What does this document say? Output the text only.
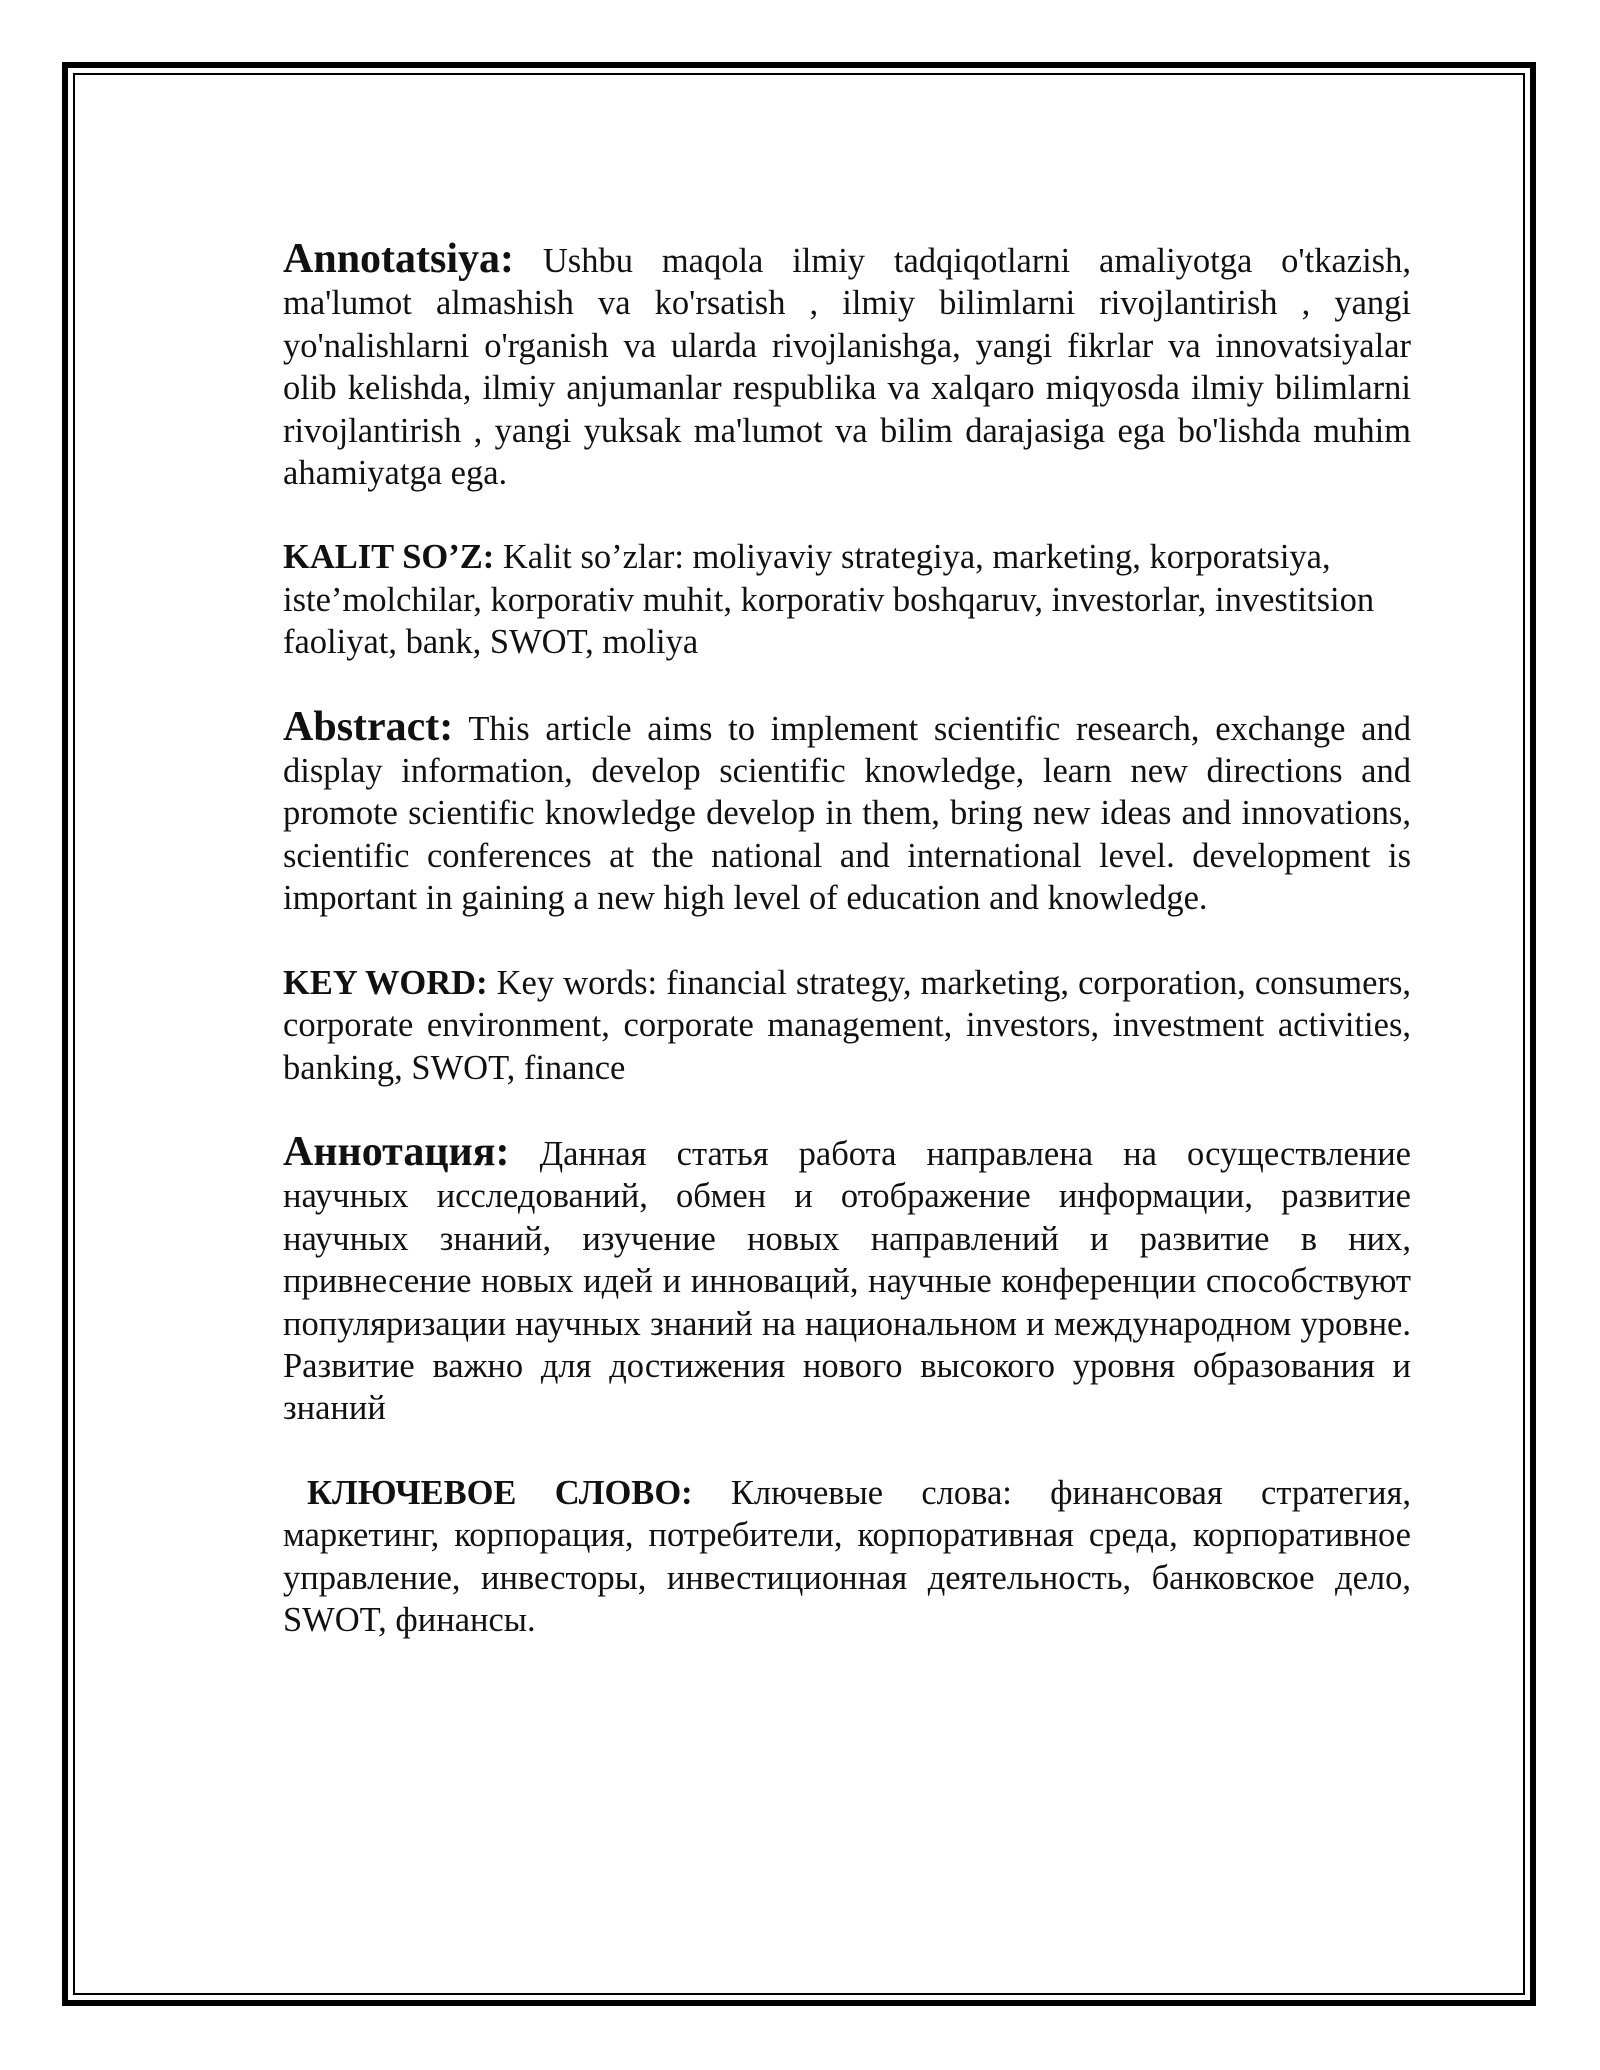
Annotatsiya: Ushbu maqola ilmiy tadqiqotlarni amaliyotga o'tkazish, ma'lumot almashish va ko'rsatish , ilmiy bilimlarni rivojlantirish , yangi yo'nalishlarni o'rganish va ularda rivojlanishga, yangi fikrlar va innovatsiyalar olib kelishda, ilmiy anjumanlar respublika va xalqaro miqyosda ilmiy bilimlarni rivojlantirish , yangi yuksak ma'lumot va bilim darajasiga ega bo'lishda muhim ahamiyatga ega.

KALIT SO’Z: Kalit so’zlar: moliyaviy strategiya, marketing, korporatsiya, iste’molchilar, korporativ muhit, korporativ boshqaruv, investorlar, investitsion faoliyat, bank, SWOT, moliya

Abstract: This article aims to implement scientific research, exchange and display information, develop scientific knowledge, learn new directions and promote scientific knowledge develop in them, bring new ideas and innovations, scientific conferences at the national and international level. development is important in gaining a new high level of education and knowledge.

KEY WORD: Key words: financial strategy, marketing, corporation, consumers, corporate environment, corporate management, investors, investment activities, banking, SWOT, finance

Аннотация: Данная статья работа направлена на осуществление научных исследований, обмен и отображение информации, развитие научных знаний, изучение новых направлений и развитие в них, привнесение новых идей и инноваций, научные конференции способствуют популяризации научных знаний на национальном и международном уровне. Развитие важно для достижения нового высокого уровня образования и знаний

КЛЮЧЕВОЕ СЛОВО: Ключевые слова: финансовая стратегия, маркетинг, корпорация, потребители, корпоративная среда, корпоративное управление, инвесторы, инвестиционная деятельность, банковское дело, SWOT, финансы.
